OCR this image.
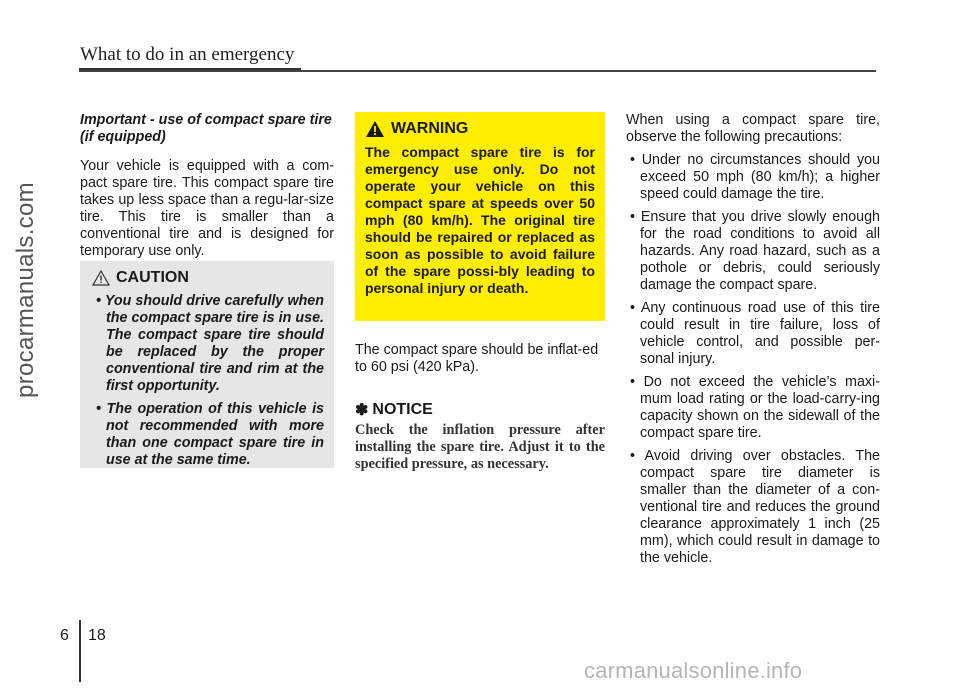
What to do in an emergency
procarmanuals.com

Important - use of compact spare tire (if equipped)

Your vehicle is equipped with a com-pact spare tire. This compact spare tire takes up less space than a regu-lar-size tire. This tire is smaller than a conventional tire and is designed for temporary use only.

CAUTION
• You should drive carefully when the compact spare tire is in use. The compact spare tire should be replaced by the proper conventional tire and rim at the first opportunity.
• The operation of this vehicle is not recommended with more than one compact spare tire in use at the same time.
WARNING

The compact spare tire is for emergency use only. Do not operate your vehicle on this compact spare at speeds over 50 mph (80 km/h). The original tire should be repaired or replaced as soon as possible to avoid failure of the spare possi-bly leading to personal injury or death.

The compact spare should be inflat-ed to 60 psi (420 kPa).

✽ NOTICE

Check the inflation pressure after installing the spare tire. Adjust it to the specified pressure, as necessary.

When using a compact spare tire, observe the following precautions:

• Under no circumstances should you exceed 50 mph (80 km/h); a higher speed could damage the tire.
• Ensure that you drive slowly enough for the road conditions to avoid all hazards. Any road hazard, such as a pothole or debris, could seriously damage the compact spare.
• Any continuous road use of this tire could result in tire failure, loss of vehicle control, and possible per-sonal injury.
• Do not exceed the vehicle’s maxi-mum load rating or the load-carry-ing capacity shown on the sidewall of the compact spare tire.
• Avoid driving over obstacles. The compact spare tire diameter is smaller than the diameter of a con-ventional tire and reduces the ground clearance approximately 1 inch (25 mm), which could result in damage to the vehicle.
6 18
carmanualsonline.info
